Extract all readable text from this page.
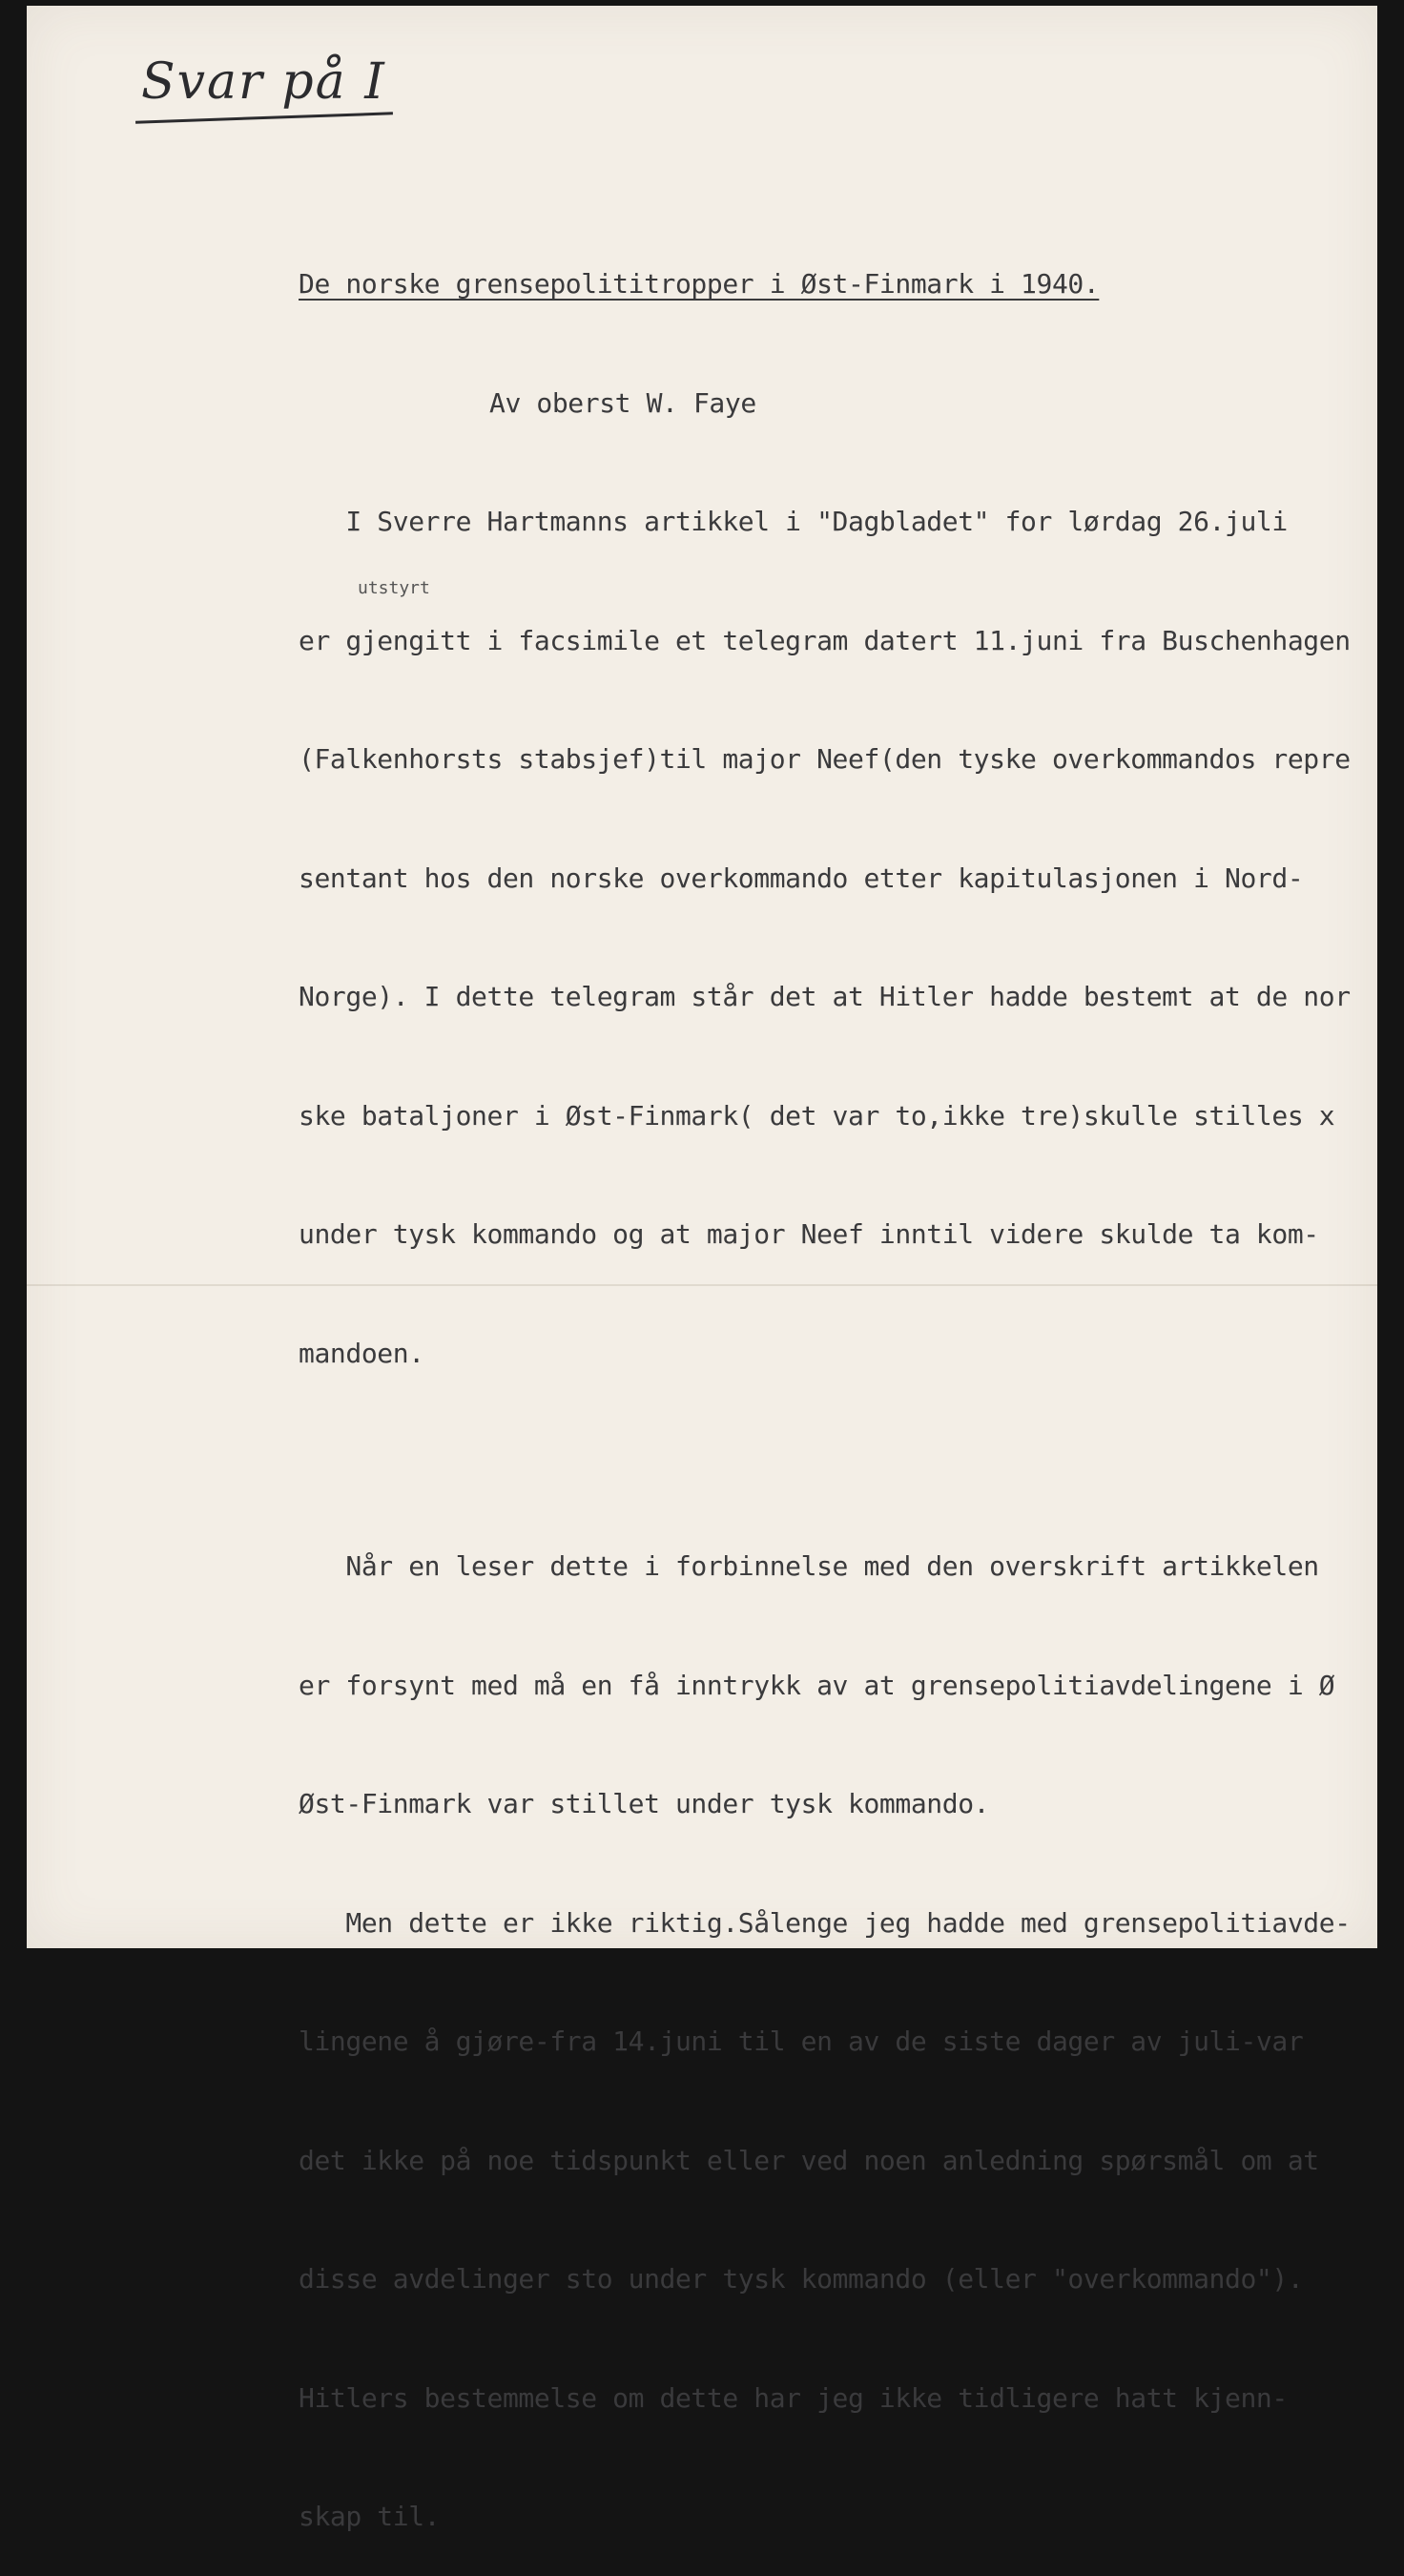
Svar på I

De norske grensepolititropper i Øst-Finmark i 1940.

Av oberst W. Faye

I Sverre Hartmanns artikkel i "Dagbladet" for lørdag 26.juli

er gjengitt i facsimile et telegram datert 11.juni fra Buschenhagen

(Falkenhorsts stabsjef)til major Neef(den tyske overkommandos repre

sentant hos den norske overkommando etter kapitulasjonen i Nord-

Norge). I dette telegram står det at Hitler hadde bestemt at de nor

ske bataljoner i Øst-Finmark( det var to,ikke tre)skulle stilles x

under tysk kommando og at major Neef inntil videre skulde ta kom-

mandoen.

Når en leser dette i forbinnelse med den overskrift artikkelen

er forsynt med må en få inntrykk av at grensepolitiavdelingene i Ø

Øst-Finmark var stillet under tysk kommando.

Men dette er ikke riktig.Sålenge jeg hadde med grensepolitiavde-

lingene å gjøre-fra 14.juni til en av de siste dager av juli-var

det ikke på noe tidspunkt eller ved noen anledning spørsmål om at

disse avdelinger sto under tysk kommando (eller "overkommando").

Hitlers bestemmelse om dette har jeg ikke tidligere hatt kjenn-

skap til.

utstyrt
